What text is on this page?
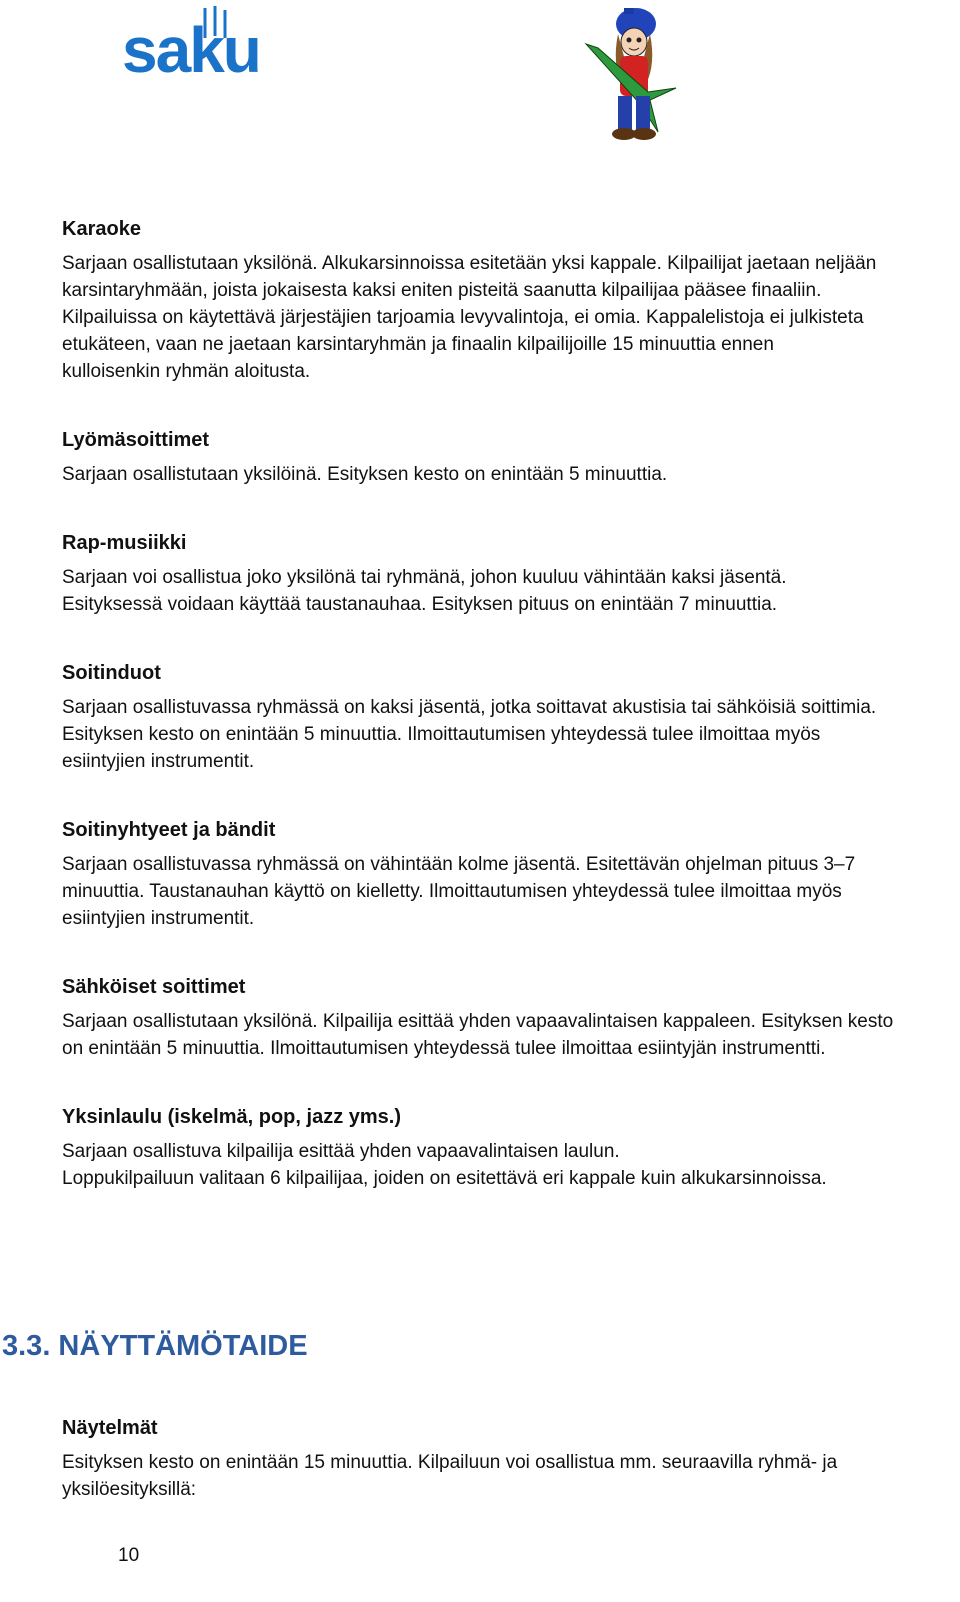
saku
Karaoke

Sarjaan osallistutaan yksilönä. Alkukarsinnoissa esitetään yksi kappale. Kilpailijat jaetaan neljään
karsintaryhmään, joista jokaisesta kaksi eniten pisteitä saanutta kilpailijaa pääsee finaaliin.
Kilpailuissa on käytettävä järjestäjien tarjoamia levyvalintoja, ei omia. Kappalelistoja ei julkisteta
etukäteen, vaan ne jaetaan karsintaryhmän ja finaalin kilpailijoille 15 minuuttia ennen
kulloisenkin ryhmän aloitusta.

Lyömäsoittimet

Sarjaan osallistutaan yksilöinä. Esityksen kesto on enintään 5 minuuttia.

Rap-musiikki

Sarjaan voi osallistua joko yksilönä tai ryhmänä, johon kuuluu vähintään kaksi jäsentä.
Esityksessä voidaan käyttää taustanauhaa. Esityksen pituus on enintään 7 minuuttia.

Soitinduot

Sarjaan osallistuvassa ryhmässä on kaksi jäsentä, jotka soittavat akustisia tai sähköisiä soittimia.
Esityksen kesto on enintään 5 minuuttia. Ilmoittautumisen yhteydessä tulee ilmoittaa myös
esiintyjien instrumentit.

Soitinyhtyeet ja bändit

Sarjaan osallistuvassa ryhmässä on vähintään kolme jäsentä. Esitettävän ohjelman pituus 3–7
minuuttia. Taustanauhan käyttö on kielletty. Ilmoittautumisen yhteydessä tulee ilmoittaa myös
esiintyjien instrumentit.

Sähköiset soittimet

Sarjaan osallistutaan yksilönä. Kilpailija esittää yhden vapaavalintaisen kappaleen. Esityksen kesto
on enintään 5 minuuttia. Ilmoittautumisen yhteydessä tulee ilmoittaa esiintyjän instrumentti.

Yksinlaulu (iskelmä, pop, jazz yms.)

Sarjaan osallistuva kilpailija esittää yhden vapaavalintaisen laulun.
Loppukilpailuun valitaan 6 kilpailijaa, joiden on esitettävä eri kappale kuin alkukarsinnoissa.

3.3. NÄYTTÄMÖTAIDE
Näytelmät

Esityksen kesto on enintään 15 minuuttia. Kilpailuun voi osallistua mm. seuraavilla ryhmä- ja
yksilöesityksillä:

10
